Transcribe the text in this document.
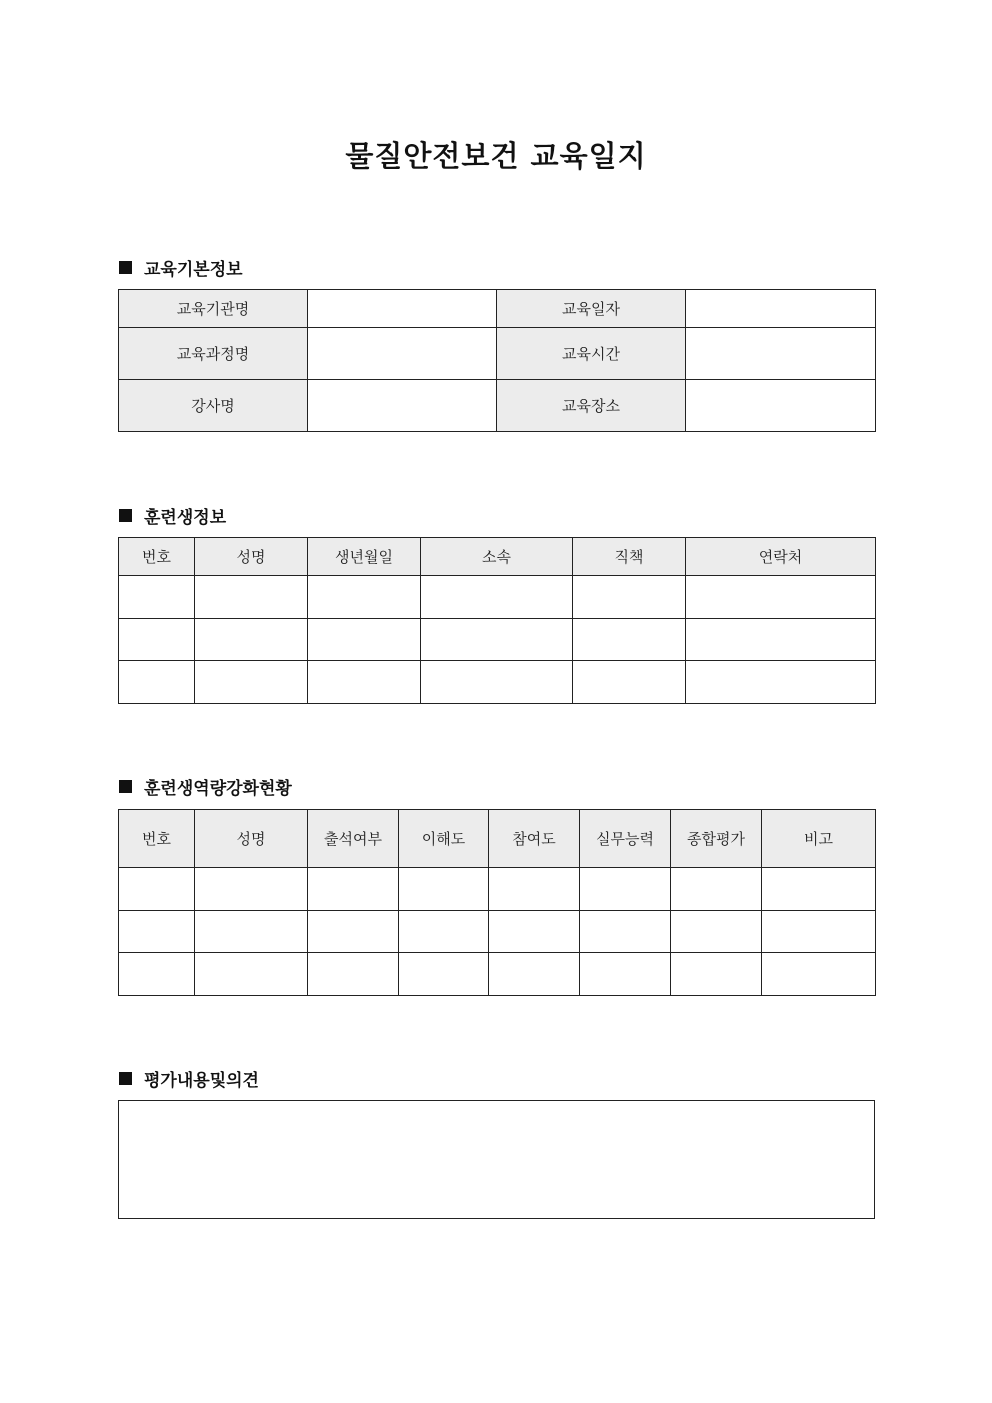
물질안전보건 교육일지
교육기본정보
교육기관명		교육일자	
교육과정명		교육시간	
강사명		교육장소	
훈련생정보
번호	성명	생년월일	소속	직책	연락처

훈련생역량강화현황
번호	성명	출석여부	이해도	참여도	실무능력	종합평가	비고

평가내용및의견
